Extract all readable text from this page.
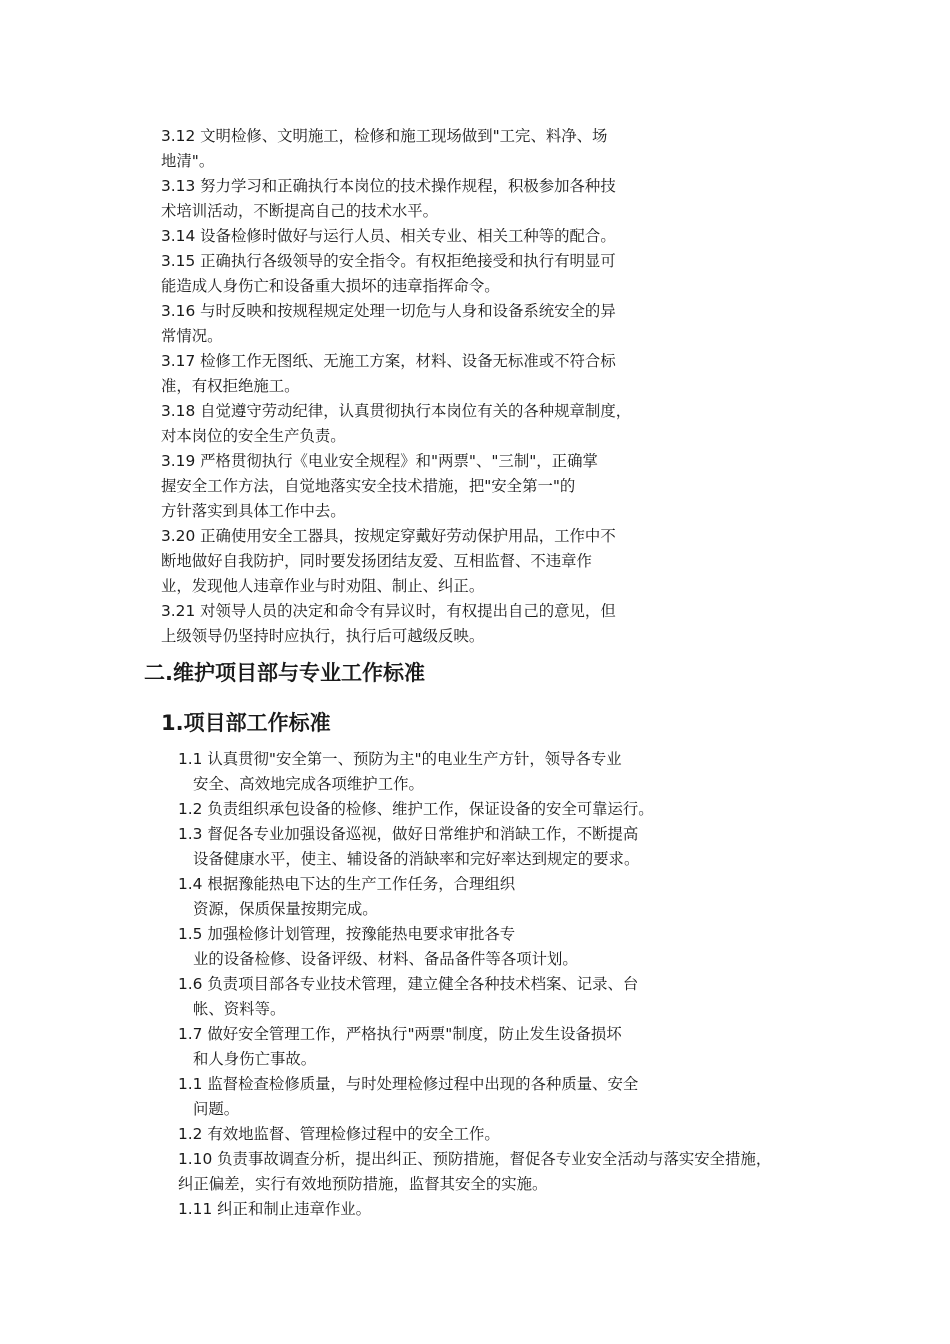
3.12 文明检修、文明施工，检修和施工现场做到"工完、料净、场
地清"。
3.13 努力学习和正确执行本岗位的技术操作规程，积极参加各种技
术培训活动，不断提高自己的技术水平。
3.14 设备检修时做好与运行人员、相关专业、相关工种等的配合。
3.15 正确执行各级领导的安全指令。有权拒绝接受和执行有明显可
能造成人身伤亡和设备重大损坏的违章指挥命令。
3.16 与时反映和按规程规定处理一切危与人身和设备系统安全的异
常情况。
3.17 检修工作无图纸、无施工方案，材料、设备无标准或不符合标
准，有权拒绝施工。
3.18 自觉遵守劳动纪律，认真贯彻执行本岗位有关的各种规章制度，
对本岗位的安全生产负责。
3.19 严格贯彻执行《电业安全规程》和"两票"、"三制"，正确掌
握安全工作方法，自觉地落实安全技术措施，把"安全第一"的
方针落实到具体工作中去。
3.20 正确使用安全工器具，按规定穿戴好劳动保护用品，工作中不
断地做好自我防护，同时要发扬团结友爱、互相监督、不违章作
业，发现他人违章作业与时劝阻、制止、纠正。
3.21 对领导人员的决定和命令有异议时，有权提出自己的意见，但
上级领导仍坚持时应执行，执行后可越级反映。
二.维护项目部与专业工作标准
1.项目部工作标准
1.1 认真贯彻"安全第一、预防为主"的电业生产方针，领导各专业
安全、高效地完成各项维护工作。
1.2 负责组织承包设备的检修、维护工作，保证设备的安全可靠运行。
1.3 督促各专业加强设备巡视，做好日常维护和消缺工作，不断提高
设备健康水平，使主、辅设备的消缺率和完好率达到规定的要求。
1.4 根据豫能热电下达的生产工作任务，合理组织
资源，保质保量按期完成。
1.5 加强检修计划管理，按豫能热电要求审批各专
业的设备检修、设备评级、材料、备品备件等各项计划。
1.6 负责项目部各专业技术管理，建立健全各种技术档案、记录、台
帐、资料等。
1.7 做好安全管理工作，严格执行"两票"制度，防止发生设备损坏
和人身伤亡事故。
1.1 监督检查检修质量，与时处理检修过程中出现的各种质量、安全
问题。
1.2 有效地监督、管理检修过程中的安全工作。
1.10 负责事故调查分析，提出纠正、预防措施，督促各专业安全活动与落实安全措施，
纠正偏差，实行有效地预防措施，监督其安全的实施。
1.11 纠正和制止违章作业。
